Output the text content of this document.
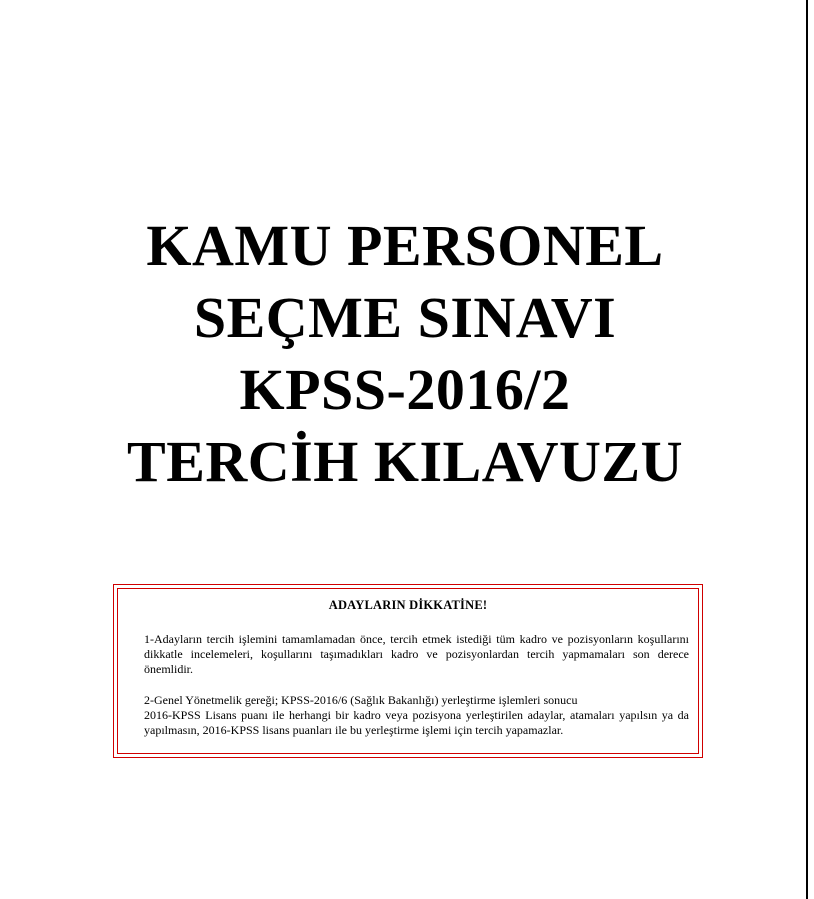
KAMU PERSONEL
SEÇME SINAVI
KPSS-2016/2
TERCİH KILAVUZU
ADAYLARIN DİKKATİNE!
1-Adayların tercih işlemini tamamlamadan önce, tercih etmek istediği tüm kadro ve pozisyonların koşullarını dikkatle incelemeleri, koşullarını taşımadıkları kadro ve pozisyonlardan tercih yapmamaları son derece önemlidir.
2-Genel Yönetmelik gereği; KPSS-2016/6 (Sağlık Bakanlığı) yerleştirme işlemleri sonucu
2016-KPSS Lisans puanı ile herhangi bir kadro veya pozisyona yerleştirilen adaylar, atamaları yapılsın ya da yapılmasın, 2016-KPSS lisans puanları ile bu yerleştirme işlemi için tercih yapamazlar.
